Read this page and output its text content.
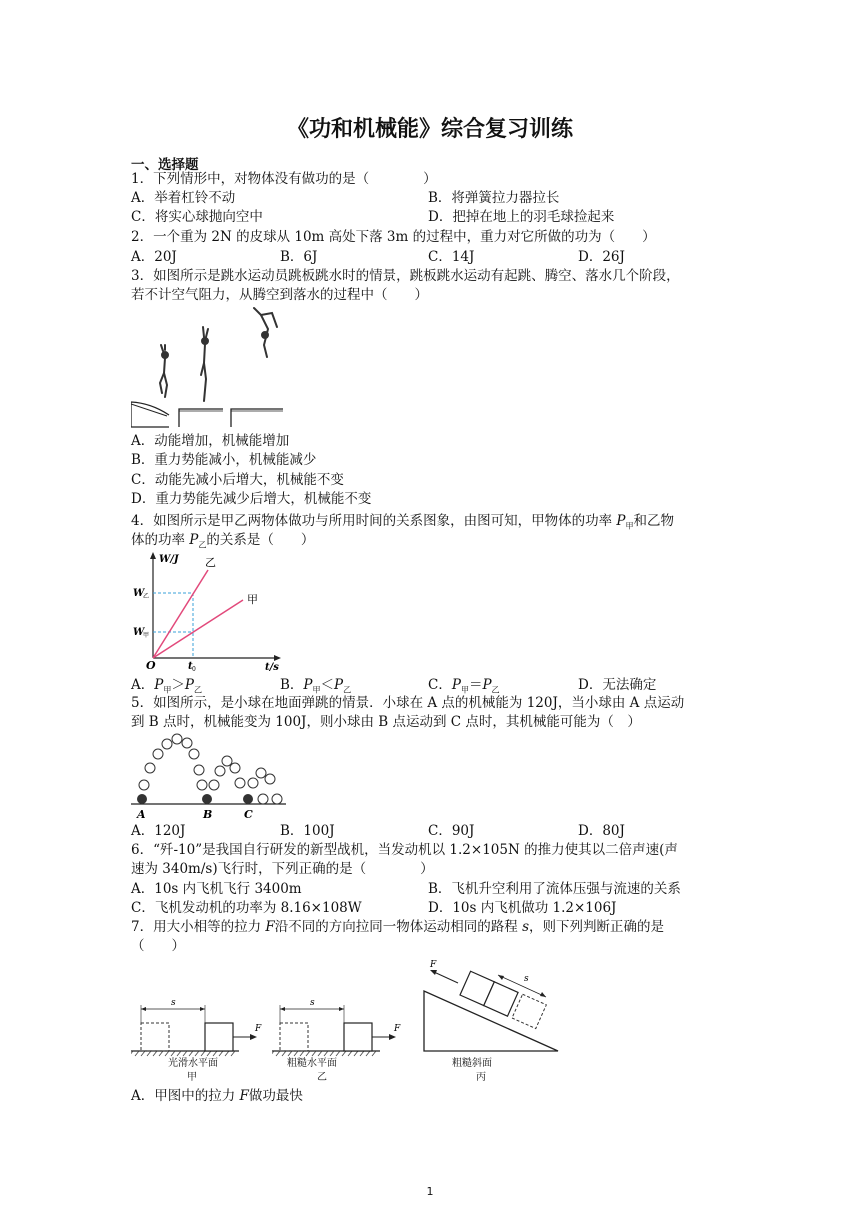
《功和机械能》综合复习训练
一、选择题
1．下列情形中，对物体没有做功的是（　　　　）
A．举着杠铃不动	B．将弹簧拉力器拉长
C．将实心球抛向空中	D．把掉在地上的羽毛球捡起来
2．一个重为 2N 的皮球从 10m 高处下落 3m 的过程中，重力对它所做的功为（　　）
A．20J	B．6J	C．14J	D．26J
3．如图所示是跳水运动员跳板跳水时的情景，跳板跳水运动有起跳、腾空、落水几个阶段，
若不计空气阻力，从腾空到落水的过程中（　　）
A．动能增加，机械能增加
B．重力势能减小，机械能减少
C．动能先减小后增大，机械能不变
D．重力势能先减少后增大，机械能不变
4．如图所示是甲乙两物体做功与所用时间的关系图象，由图可知，甲物体的功率 $P_甲$和乙物
体的功率 $P_乙$的关系是（　　）
W/J
t/s
O	t 0
W
乙
W
甲
乙
甲
A．$P_甲>P_乙$	B．$P_甲<P_乙$	C．$P_甲=P_乙$	D．无法确定
5．如图所示，是小球在地面弹跳的情景．小球在 A 点的机械能为 120J，当小球由 A 点运动
到 B 点时，机械能变为 100J，则小球由 B 点运动到 C 点时，其机械能可能为（　）
A	B	C
A．120J	B．100J	C．90J	D．80J
6．“歼-10”是我国自行研发的新型战机，当发动机以 1.2×105N 的推力使其以二倍声速(声
速为 340m/s)飞行时，下列正确的是（　　　　）
A．10s 内飞机飞行 3400m	B．飞机升空利用了流体压强与流速的关系
C．飞机发动机的功率为 8.16×108W	D．10s 内飞机做功 1.2×106J
7．用大小相等的拉力 F沿不同的方向拉同一物体运动相同的路程 s，则下列判断正确的是
（　　）
s
F
光滑水平面
甲
s
F
粗糙水平面
乙
s
F
粗糙斜面
丙
A．甲图中的拉力 F做功最快
1
